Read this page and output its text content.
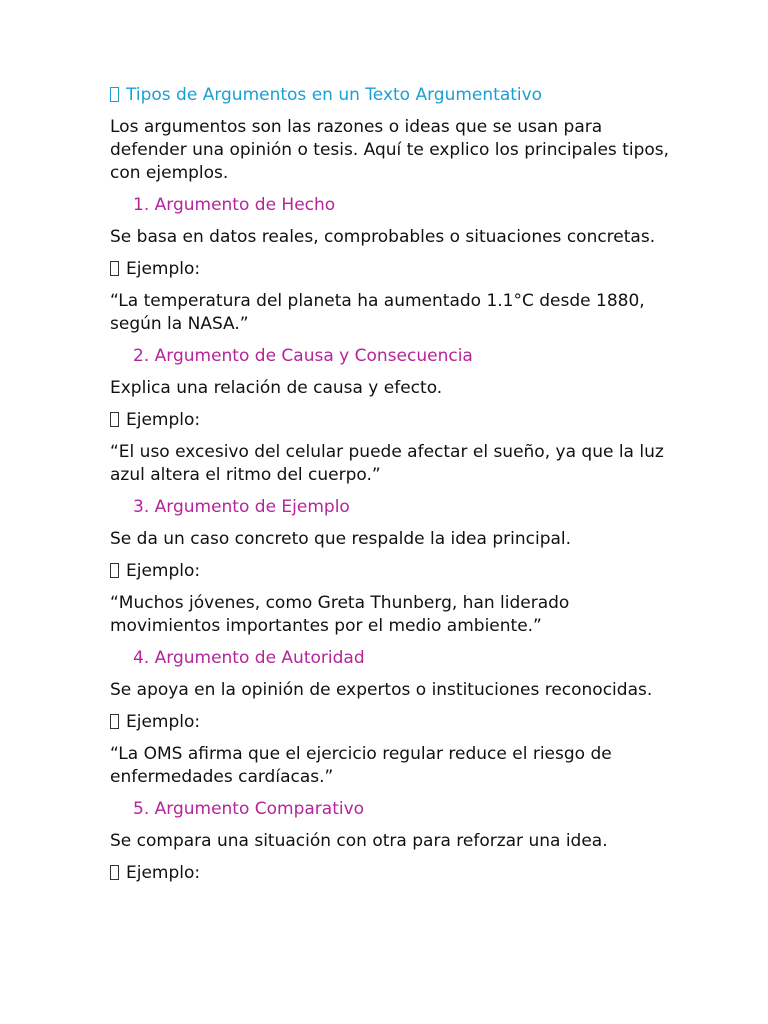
Tipos de Argumentos en un Texto Argumentativo
Los argumentos son las razones o ideas que se usan para defender una opinión o tesis. Aquí te explico los principales tipos, con ejemplos.
1. Argumento de Hecho
Se basa en datos reales, comprobables o situaciones concretas.
Ejemplo:
“La temperatura del planeta ha aumentado 1.1°C desde 1880, según la NASA.”
2. Argumento de Causa y Consecuencia
Explica una relación de causa y efecto.
Ejemplo:
“El uso excesivo del celular puede afectar el sueño, ya que la luz azul altera el ritmo del cuerpo.”
3. Argumento de Ejemplo
Se da un caso concreto que respalde la idea principal.
Ejemplo:
“Muchos jóvenes, como Greta Thunberg, han liderado movimientos importantes por el medio ambiente.”
4. Argumento de Autoridad
Se apoya en la opinión de expertos o instituciones reconocidas.
Ejemplo:
“La OMS afirma que el ejercicio regular reduce el riesgo de enfermedades cardíacas.”
5. Argumento Comparativo
Se compara una situación con otra para reforzar una idea.
Ejemplo:
